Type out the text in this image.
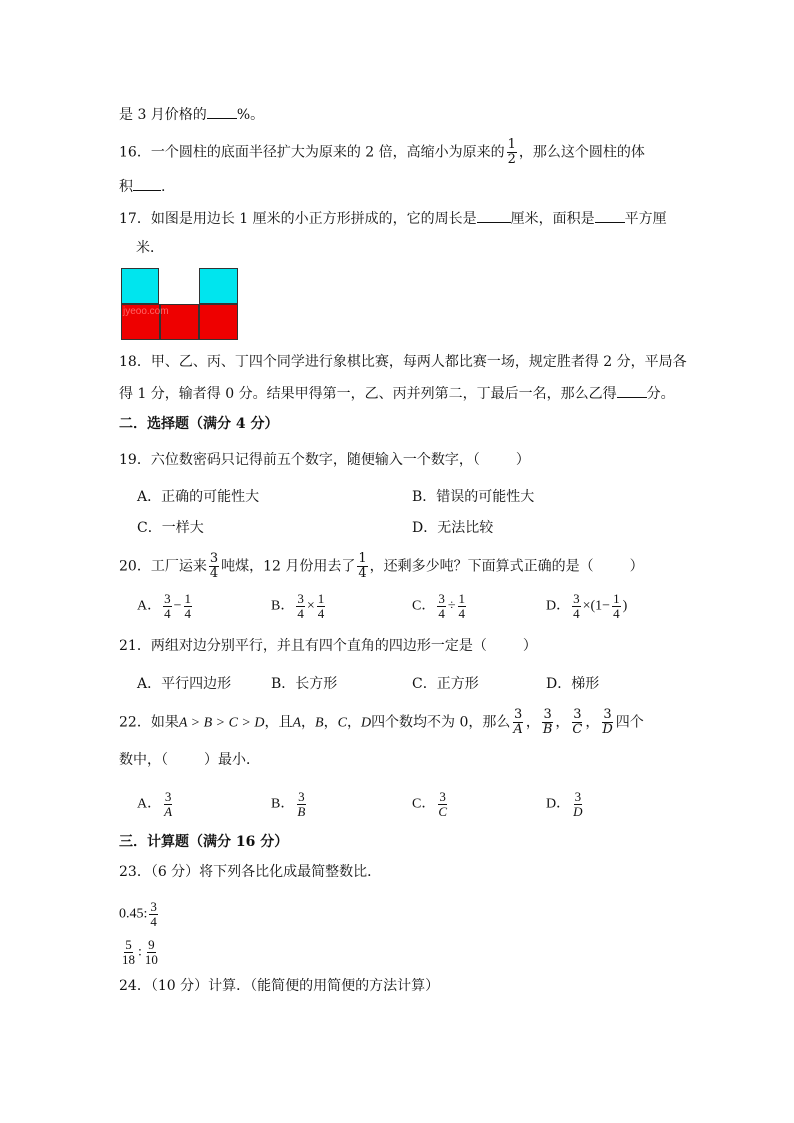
是 3 月价格的 %。
16．一个圆柱的底面半径扩大为原来的 2 倍，高缩小为原来的 $\frac{1}{2}$ ，那么这个圆柱的体
积 .
17．如图是用边长 1 厘米的小正方形拼成的，它的周长是 厘米，面积是 平方厘
米．
jyeoo.com
18．甲、乙、丙、丁四个同学进行象棋比赛，每两人都比赛一场，规定胜者得 2 分，平局各
得 1 分，输者得 0 分。结果甲得第一，乙、丙并列第二，丁最后一名，那么乙得 分。
二．选择题（满分 4 分）
19．六位数密码只记得前五个数字，随便输入一个数字，（	）
A．正确的可能性大	B．错误的可能性大
C．一样大	D．无法比较
20．工厂运来 $\frac{3}{4}$ 吨煤，12 月份用去了 $\frac{1}{4}$ ，还剩多少吨？下面算式正确的是（	）
A． $\frac{3}{4} - \frac{1}{4}$	B． $\frac{3}{4} \times \frac{1}{4}$	C． $\frac{3}{4} \div \frac{1}{4}$	D． $\frac{3}{4} \times(1- \frac{1}{4}$ )
21．两组对边分别平行，并且有四个直角的四边形一定是（	）
A．平行四边形	B．长方形	C．正方形	D．梯形
22．如果A > B > C > D，且A，B，C，D四个数均不为 0，那么 $\frac{3}{A}$ ， $\frac{3}{B}$ ， $\frac{3}{C}$ ， $\frac{3}{D}$ 四个
数中，（	）最小．
A． $\frac{3}{A}$	B． $\frac{3}{B}$	C． $\frac{3}{C}$	D． $\frac{3}{D}$
三．计算题（满分 16 分）
23．（6 分）将下列各比化成最简整数比．
0.45: $\frac{3}{4}$
$\frac{5}{18}$ : $\frac{9}{10}$
24．（10 分）计算．（能简便的用简便的方法计算）
